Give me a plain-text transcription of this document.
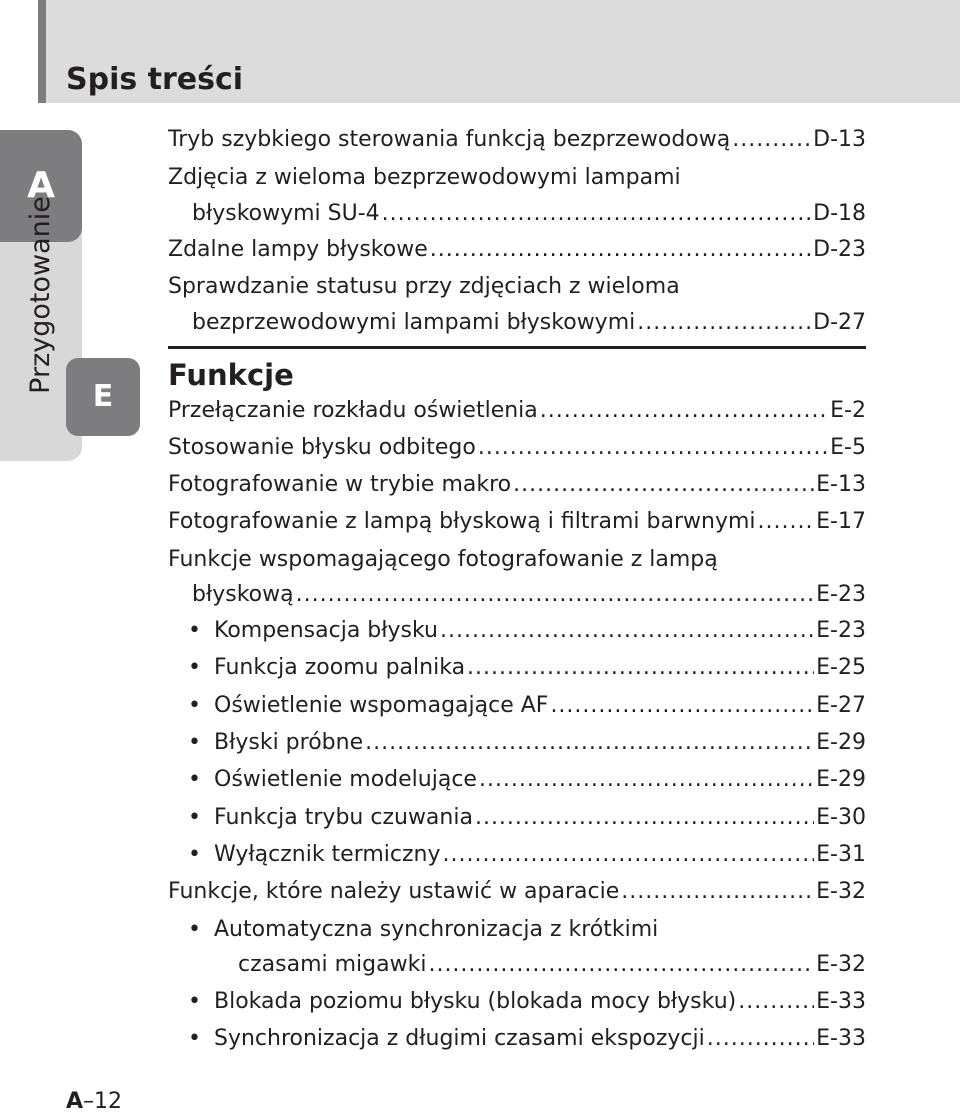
Spis treści
A
Przygotowanie
E
Tryb szybkiego sterowania funkcją bezprzewodową .....	D-13
Zdjęcia z wieloma bezprzewodowymi lampami
błyskowymi SU-4 .....	D-18
Zdalne lampy błyskowe .....	D-23
Sprawdzanie statusu przy zdjęciach z wieloma
bezprzewodowymi lampami błyskowymi .....	D-27
Funkcje
Przełączanie rozkładu oświetlenia .....	E-2
Stosowanie błysku odbitego .....	E-5
Fotografowanie w trybie makro .....	E-13
Fotografowanie z lampą błyskową i filtrami barwnymi .....	E-17
Funkcje wspomagającego fotografowanie z lampą
błyskową .....	E-23
• Kompensacja błysku .....	E-23
• Funkcja zoomu palnika .....	E-25
• Oświetlenie wspomagające AF .....	E-27
• Błyski próbne .....	E-29
• Oświetlenie modelujące .....	E-29
• Funkcja trybu czuwania .....	E-30
• Wyłącznik termiczny .....	E-31
Funkcje, które należy ustawić w aparacie .....	E-32
• Automatyczna synchronizacja z krótkimi
czasami migawki .....	E-32
• Blokada poziomu błysku (blokada mocy błysku) .....	E-33
• Synchronizacja z długimi czasami ekspozycji .....	E-33
A–12
